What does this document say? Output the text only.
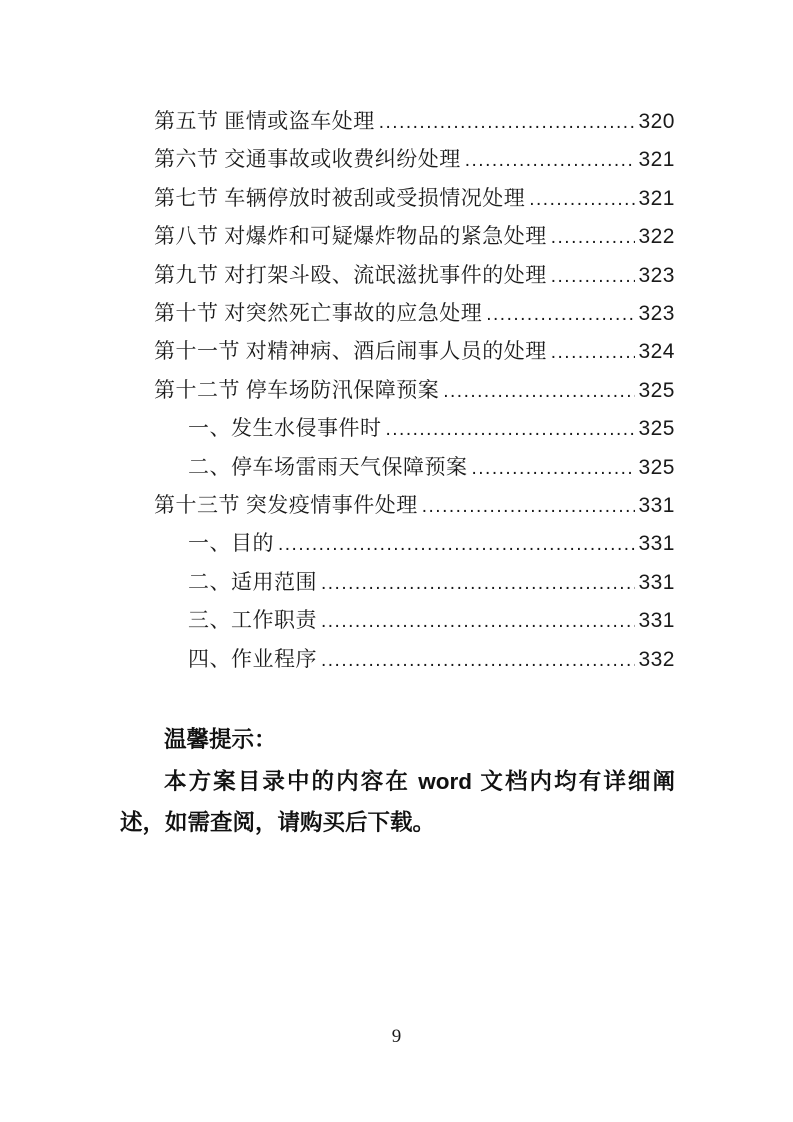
第五节 匪情或盗车处理 .....	320
第六节 交通事故或收费纠纷处理 .....	321
第七节 车辆停放时被刮或受损情况处理 .....	321
第八节 对爆炸和可疑爆炸物品的紧急处理 .....	322
第九节 对打架斗殴、流氓滋扰事件的处理 .....	323
第十节 对突然死亡事故的应急处理 .....	323
第十一节 对精神病、酒后闹事人员的处理 .....	324
第十二节 停车场防汛保障预案 .....	325
一、发生水侵事件时 .....	325
二、停车场雷雨天气保障预案 .....	325
第十三节 突发疫情事件处理 .....	331
一、目的 .....	331
二、适用范围 .....	331
三、工作职责 .....	331
四、作业程序 .....	332
温馨提示：
本方案目录中的内容在 word 文档内均有详细阐述，如需查阅，请购买后下载。
9
